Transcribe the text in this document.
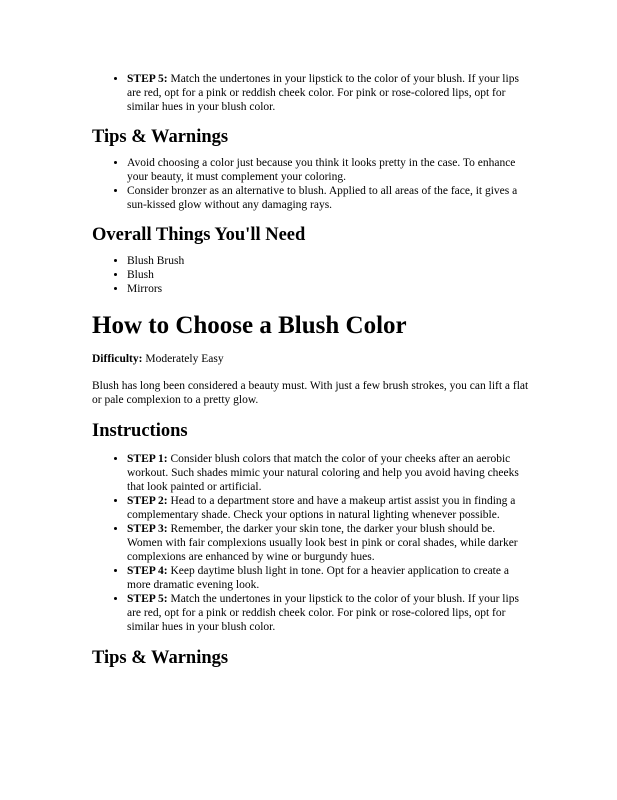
• STEP 5: Match the undertones in your lipstick to the color of your blush. If your lips are red, opt for a pink or reddish cheek color. For pink or rose-colored lips, opt for similar hues in your blush color.
Tips & Warnings
• Avoid choosing a color just because you think it looks pretty in the case. To enhance your beauty, it must complement your coloring.
• Consider bronzer as an alternative to blush. Applied to all areas of the face, it gives a sun-kissed glow without any damaging rays.
Overall Things You'll Need
• Blush Brush
• Blush
• Mirrors
How to Choose a Blush Color

Difficulty: Moderately Easy

Blush has long been considered a beauty must. With just a few brush strokes, you can lift a flat or pale complexion to a pretty glow.

Instructions
• STEP 1: Consider blush colors that match the color of your cheeks after an aerobic workout. Such shades mimic your natural coloring and help you avoid having cheeks that look painted or artificial.
• STEP 2: Head to a department store and have a makeup artist assist you in finding a complementary shade. Check your options in natural lighting whenever possible.
• STEP 3: Remember, the darker your skin tone, the darker your blush should be. Women with fair complexions usually look best in pink or coral shades, while darker complexions are enhanced by wine or burgundy hues.
• STEP 4: Keep daytime blush light in tone. Opt for a heavier application to create a more dramatic evening look.
• STEP 5: Match the undertones in your lipstick to the color of your blush. If your lips are red, opt for a pink or reddish cheek color. For pink or rose-colored lips, opt for similar hues in your blush color.
Tips & Warnings
